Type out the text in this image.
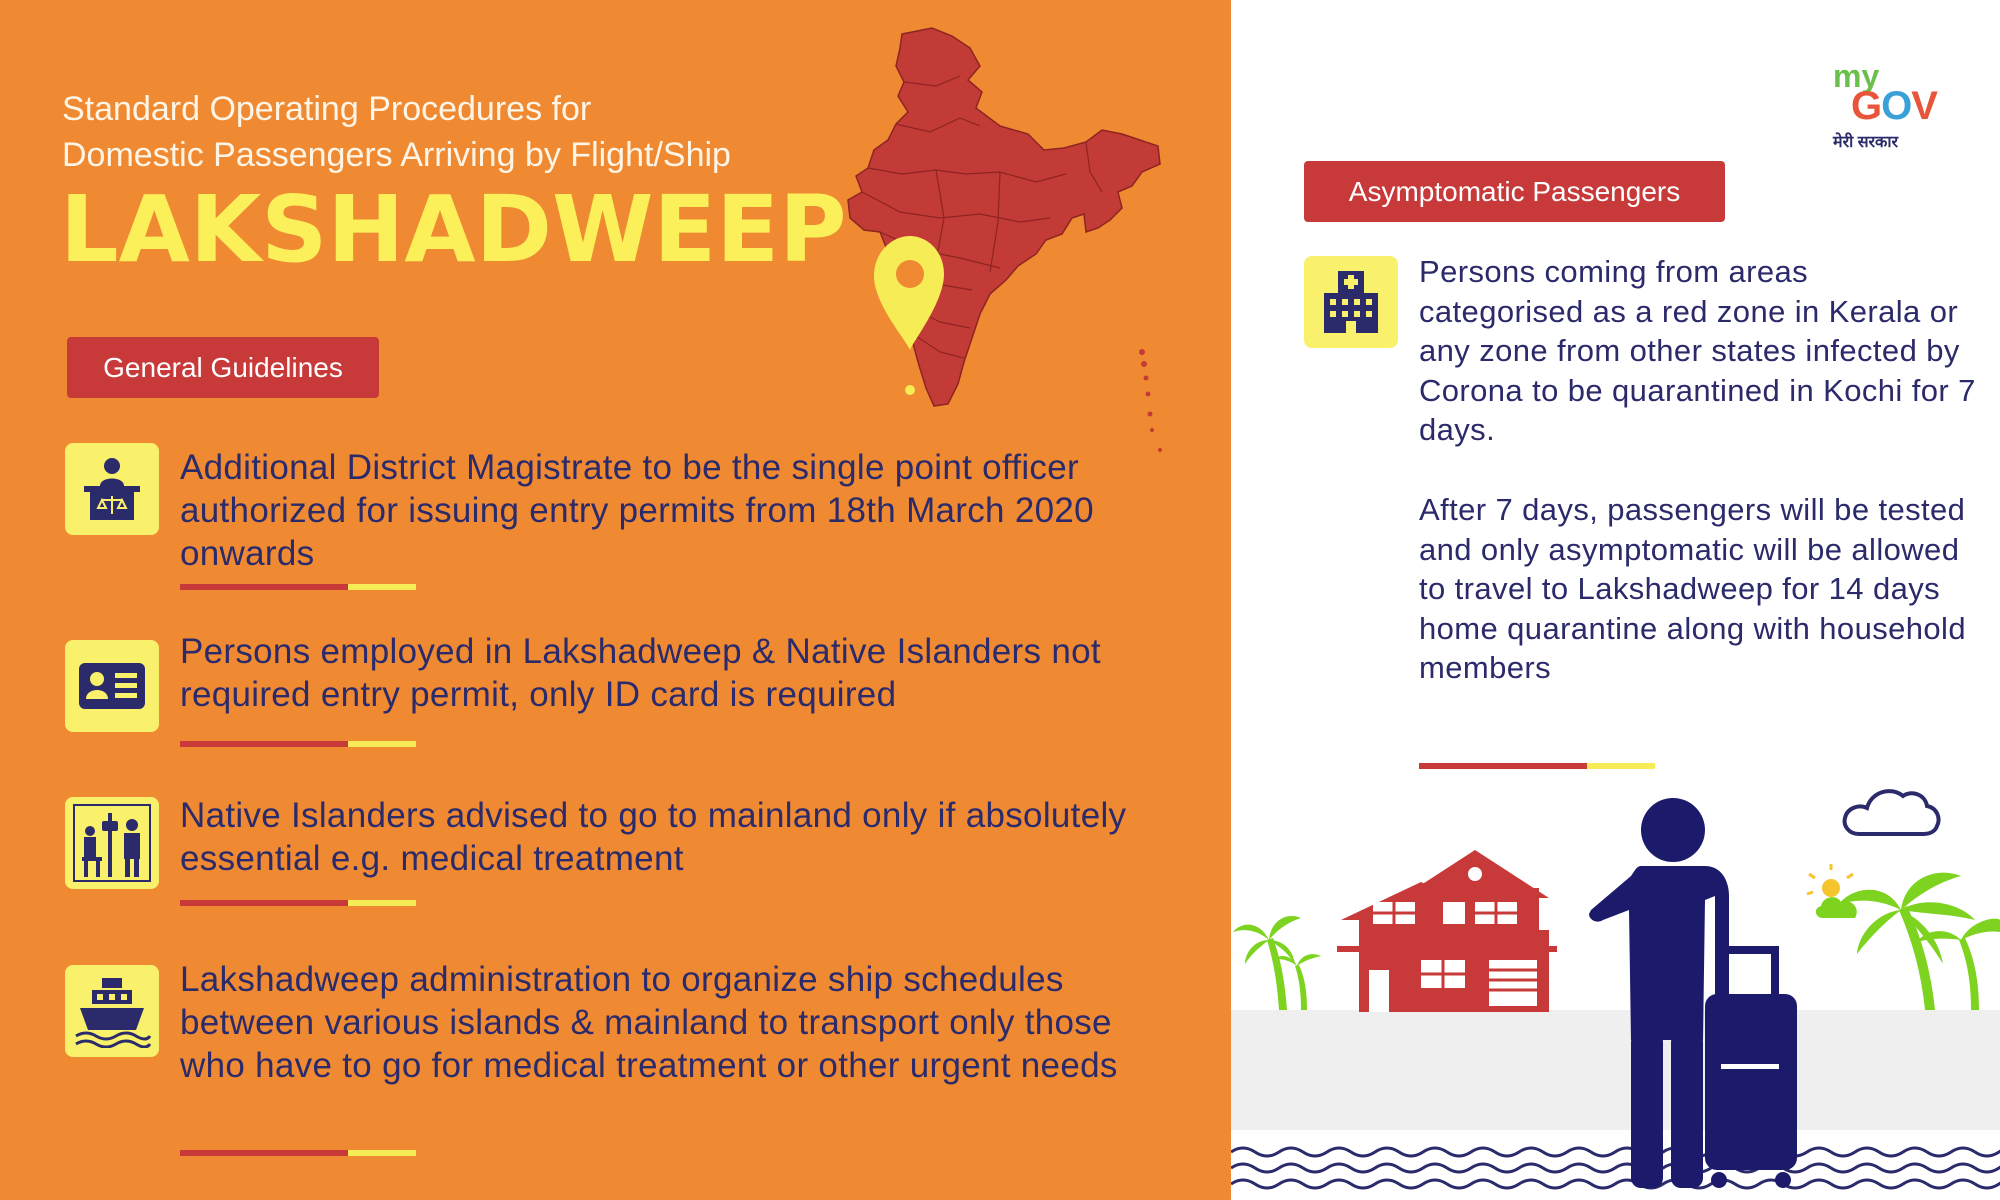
Standard Operating Procedures for
Domestic Passengers Arriving by Flight/Ship
LAKSHADWEEP
General Guidelines
Additional District Magistrate to be the single point officer authorized for issuing entry permits from 18th March 2020 onwards
Persons employed in Lakshadweep & Native Islanders not required entry permit, only ID card is required
Native Islanders advised to go to mainland only if absolutely essential e.g. medical treatment
Lakshadweep administration to organize ship schedules between various islands & mainland to transport only those who have to go for medical treatment or other urgent needs
my
GOV
मेरी सरकार
Asymptomatic Passengers
Persons coming from areas categorised as a red zone in Kerala or any zone from other states infected by Corona to be quarantined in Kochi for 7 days.
After 7 days, passengers will be tested and only asymptomatic will be allowed to travel to Lakshadweep for 14 days home quarantine along with household members
